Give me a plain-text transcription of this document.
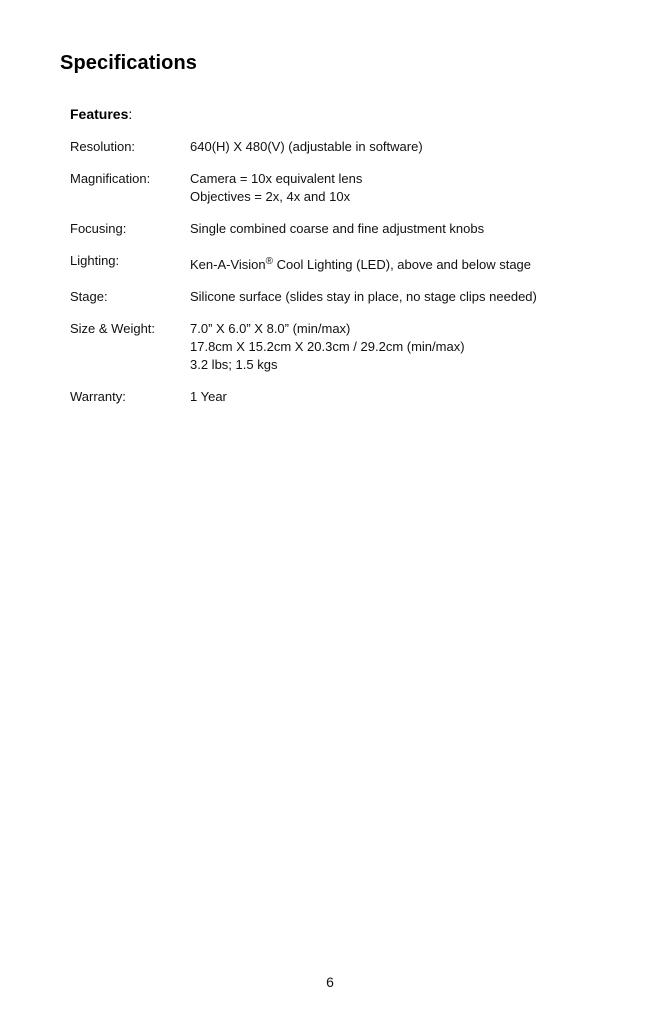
Specifications
Features:
Resolution:	640(H) X 480(V) (adjustable in software)
Magnification:	Camera = 10x equivalent lens
Objectives = 2x, 4x and 10x
Focusing:	Single combined coarse and fine adjustment knobs
Lighting:	Ken-A-Vision® Cool Lighting (LED), above and below stage
Stage:	Silicone surface (slides stay in place, no stage clips needed)
Size & Weight:	7.0” X 6.0” X 8.0” (min/max)
17.8cm X 15.2cm X 20.3cm / 29.2cm (min/max)
3.2 lbs; 1.5 kgs
Warranty:	1 Year
6
